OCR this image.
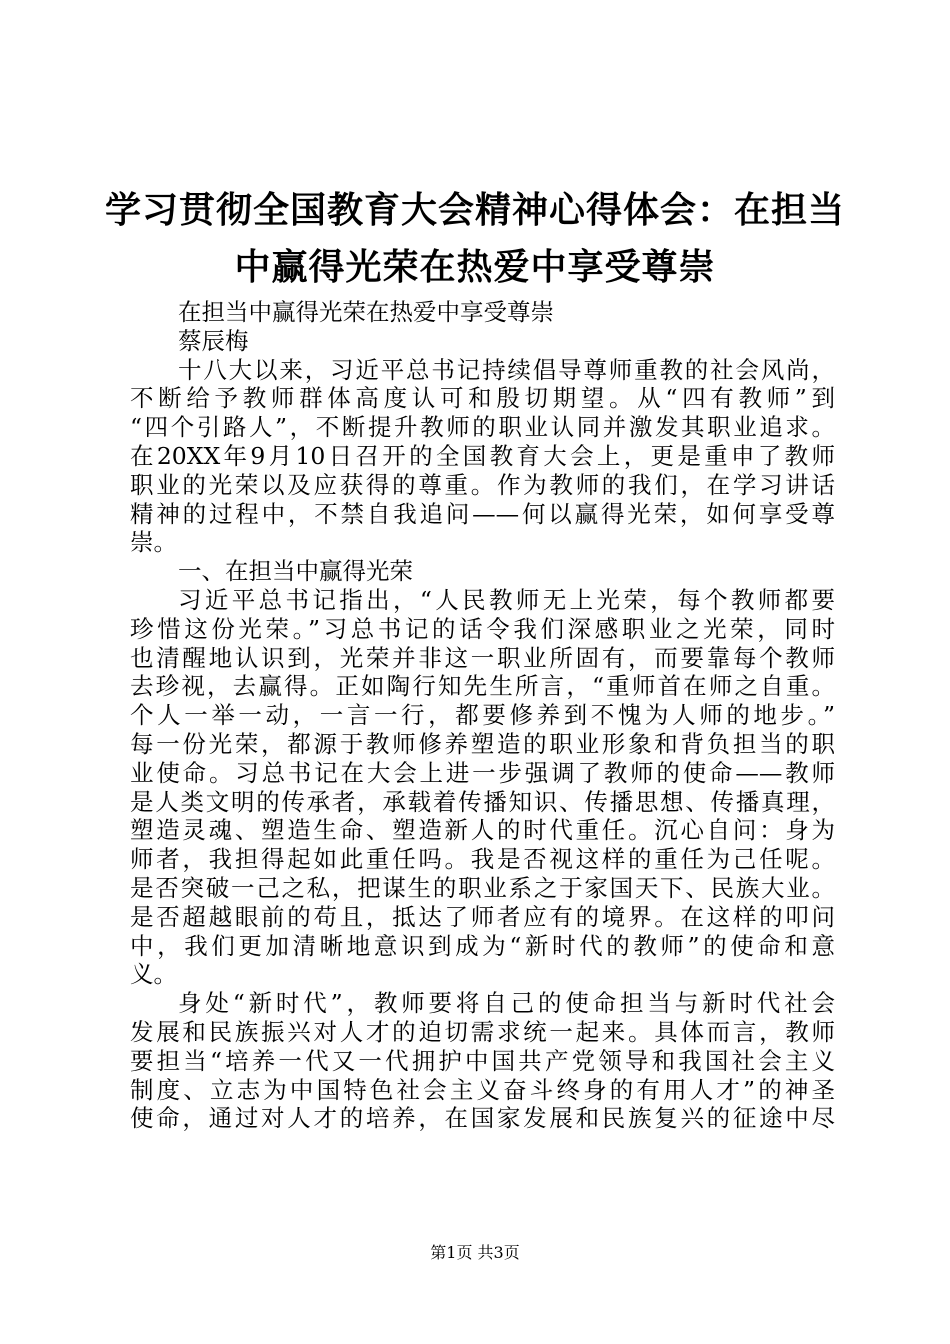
学习贯彻全国教育大会精神心得体会：在担当
中赢得光荣在热爱中享受尊崇
在担当中赢得光荣在热爱中享受尊崇
蔡辰梅
十八大以来，习近平总书记持续倡导尊师重教的社会风尚，
不断给予教师群体高度认可和殷切期望。从“四有教师”到
“四个引路人”，不断提升教师的职业认同并激发其职业追求。
在20XX年9月10日召开的全国教育大会上，更是重申了教师
职业的光荣以及应获得的尊重。作为教师的我们，在学习讲话
精神的过程中，不禁自我追问——何以赢得光荣，如何享受尊
崇。
一、在担当中赢得光荣
习近平总书记指出，“人民教师无上光荣，每个教师都要
珍惜这份光荣。”习总书记的话令我们深感职业之光荣，同时
也清醒地认识到，光荣并非这一职业所固有，而要靠每个教师
去珍视，去赢得。正如陶行知先生所言，“重师首在师之自重。
个人一举一动，一言一行，都要修养到不愧为人师的地步。”
每一份光荣，都源于教师修养塑造的职业形象和背负担当的职
业使命。习总书记在大会上进一步强调了教师的使命——教师
是人类文明的传承者，承载着传播知识、传播思想、传播真理，
塑造灵魂、塑造生命、塑造新人的时代重任。沉心自问：身为
师者，我担得起如此重任吗。我是否视这样的重任为己任呢。
是否突破一己之私，把谋生的职业系之于家国天下、民族大业。
是否超越眼前的苟且，抵达了师者应有的境界。在这样的叩问
中，我们更加清晰地意识到成为“新时代的教师”的使命和意
义。
身处“新时代”，教师要将自己的使命担当与新时代社会
发展和民族振兴对人才的迫切需求统一起来。具体而言，教师
要担当“培养一代又一代拥护中国共产党领导和我国社会主义
制度、立志为中国特色社会主义奋斗终身的有用人才”的神圣
使命，通过对人才的培养，在国家发展和民族复兴的征途中尽
第1页 共3页
